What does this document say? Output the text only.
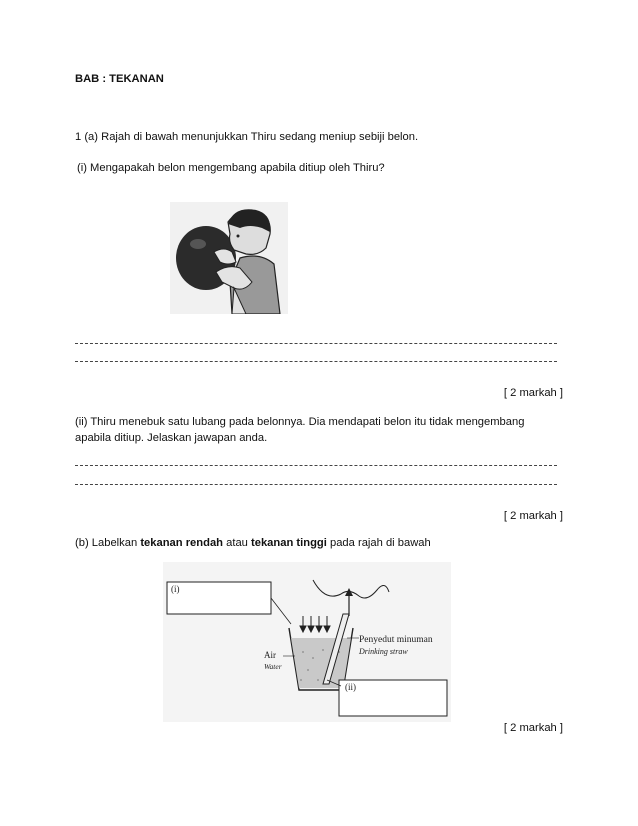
BAB : TEKANAN
1 (a) Rajah di bawah menunjukkan Thiru sedang meniup sebiji belon.
(i) Mengapakah belon mengembang apabila ditiup oleh Thiru?
[ 2 markah ]
(ii) Thiru menebuk satu lubang pada belonnya. Dia mendapati belon itu tidak mengembang
apabila ditiup. Jelaskan jawapan anda.
[ 2 markah ]
(b) Labelkan tekanan rendah atau tekanan tinggi pada rajah di bawah
(i)
Penyedut minuman
Drinking straw
Air
Water
(ii)
[ 2 markah ]
